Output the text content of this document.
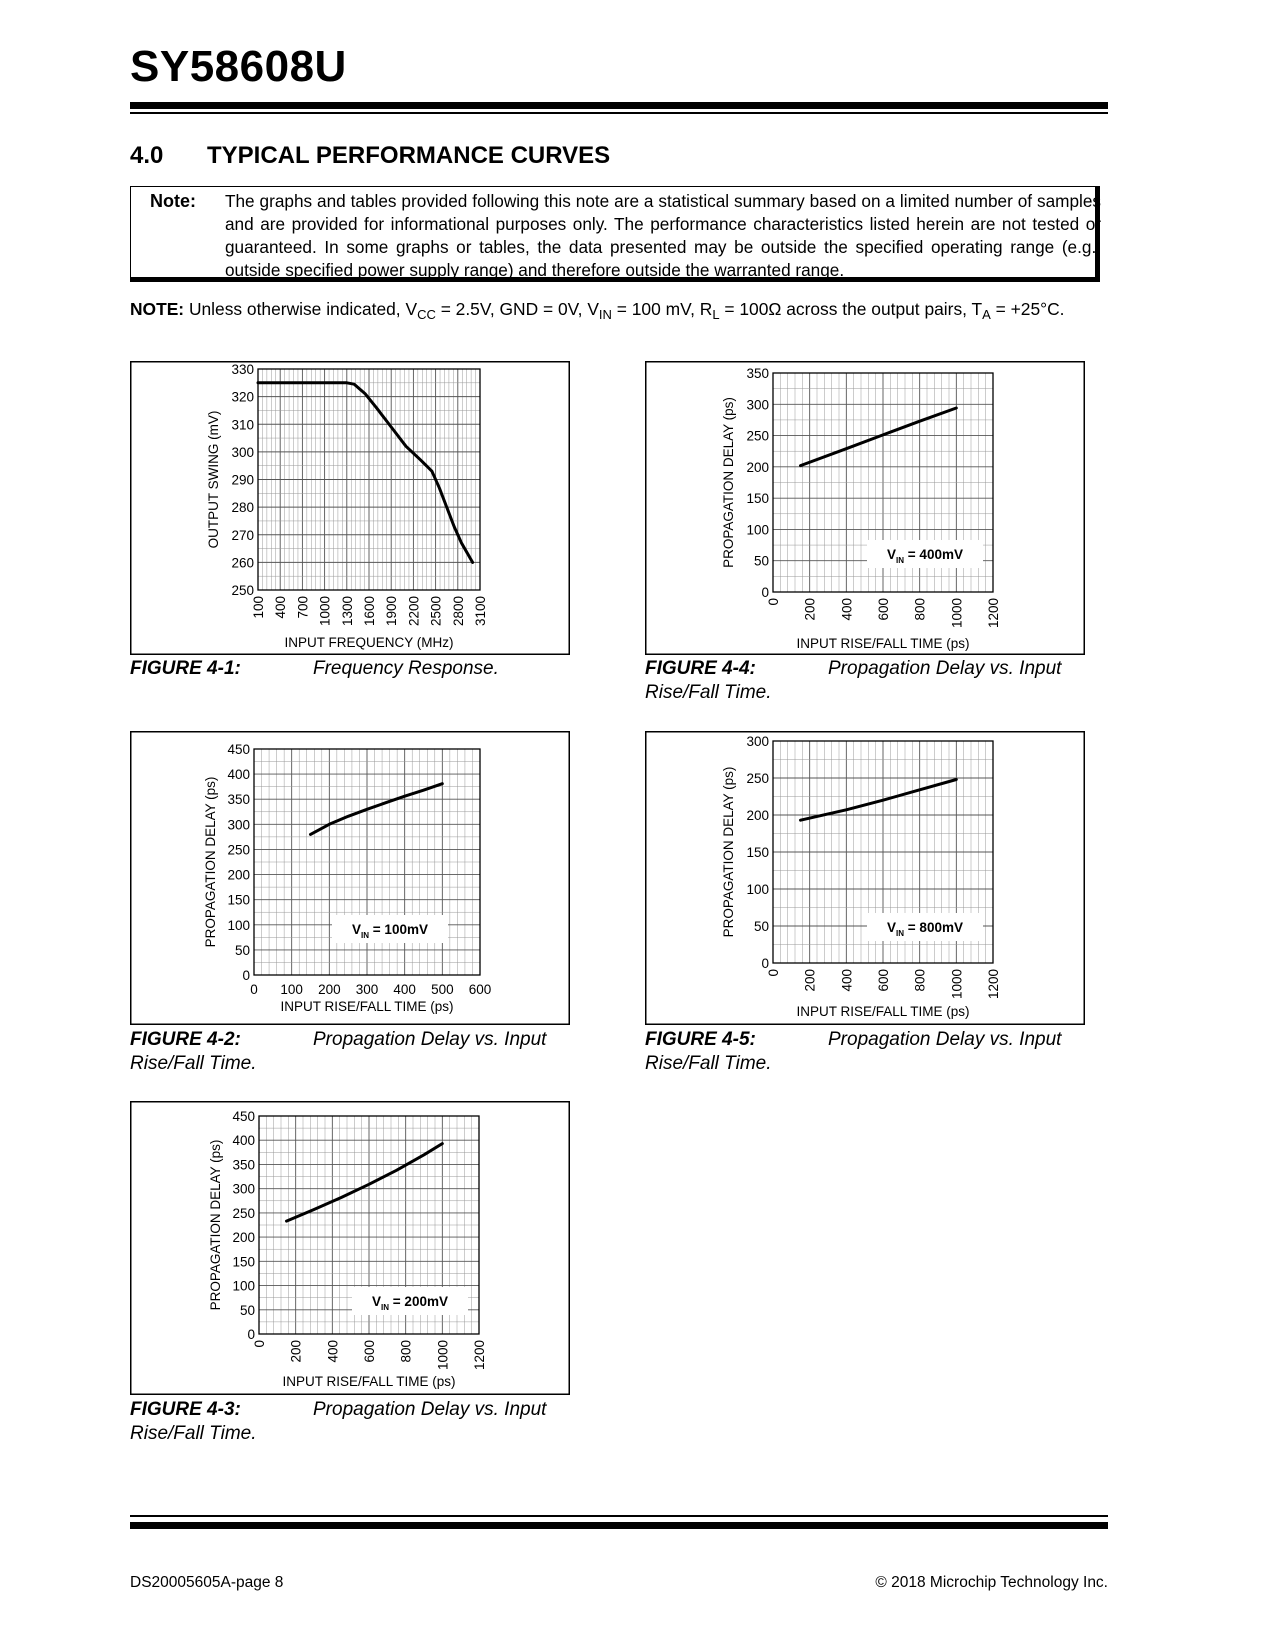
SY58608U
4.0 TYPICAL PERFORMANCE CURVES
Note: The graphs and tables provided following this note are a statistical summary based on a limited number of samples and are provided for informational purposes only. The performance characteristics listed herein are not tested or guaranteed. In some graphs or tables, the data presented may be outside the specified operating range (e.g., outside specified power supply range) and therefore outside the warranted range.
NOTE: Unless otherwise indicated, $V_{CC} = 2.5V$, GND = 0V, $V_{IN} = 100$ mV, $R_L = 100\Omega$ across the output pairs, $T_A = +25^\circ C$.
250
260
270
280
290
300
310
320
330
100 400 700 1000 1300 1600 1900 2200 2500 2800 3100
INPUT FREQUENCY (MHz)
OUTPUT SWING (mV)
0
50
100
150
200
250
300
350
400
450
0 100 200 300 400 500 600
INPUT RISE/FALL TIME (ps)
PROPAGATION DELAY (ps)	$V_{IN} = 100mV$
0
50
100
150
200
250
300
350
400
450
0 200 400 600 800 1000 1200
INPUT RISE/FALL TIME (ps)
PROPAGATION DELAY (ps)	$V_{IN} = 200mV$
0
50
100
150
200
250
300
350
0 200 400 600 800 1000 1200
INPUT RISE/FALL TIME (ps)
PROPAGATION DELAY (ps)	$V_{IN} = 400mV$
0
50
100
150
200
250
300
0 200 400 600 800 1000 1200
INPUT RISE/FALL TIME (ps)
PROPAGATION DELAY (ps)	$V_{IN} = 800mV$
FIGURE 4-1:	Frequency Response.
FIGURE 4-2:	Propagation Delay vs. Input

Rise/Fall Time.
FIGURE 4-3:	Propagation Delay vs. Input

Rise/Fall Time.
FIGURE 4-4:	Propagation Delay vs. Input

Rise/Fall Time.
FIGURE 4-5:	Propagation Delay vs. Input

Rise/Fall Time.
DS20005605A-page 8	© 2018 Microchip Technology Inc.
